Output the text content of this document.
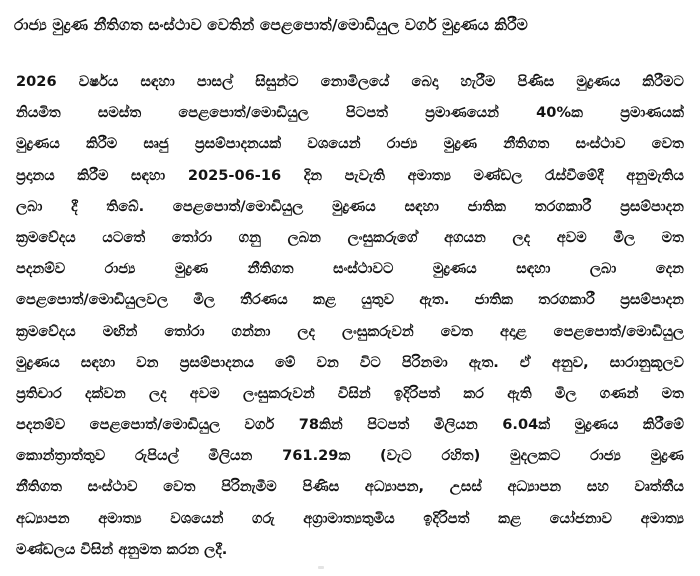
රාජ්‍ය මුද්‍රණ නීතිගත සංස්ථාව වෙතින් පෙළපොත්/මොඩියුල වර්ග මුද්‍රණය කිරීම
2026 වර්ෂය සඳහා පාසල් සිසුන්ට නොමිලයේ බෙදා හැරීම පිණිස මුද්‍රණය කිරීමට
නියමිත සමස්ත පෙළපොත්/මොඩියුල පිටපත් ප්‍රමාණයෙන් 40%ක ප්‍රමාණයක්
මුද්‍රණය කිරීම සෘජු ප්‍රසම්පාදනයක් වශයෙන් රාජ්‍ය මුද්‍රණ නීතිගත සංස්ථාව වෙත
ප්‍රදානය කිරීම සඳහා 2025-06-16 දින පැවැති අමාත්‍ය මණ්ඩල රැස්වීමේදී අනුමැතිය
ලබා දී තිබේ. පෙළපොත්/මොඩියුල මුද්‍රණය සඳහා ජාතික තරගකාරී ප්‍රසම්පාදන
ක්‍රමවේදය යටතේ තෝරා ගනු ලබන ලංසුකරුගේ අගයන ලද අවම මිල මත
පදනම්ව රාජ්‍ය මුද්‍රණ නීතිගත සංස්ථාවට මුද්‍රණය සඳහා ලබා දෙන
පෙළපොත්/මොඩියුලවල මිල තීරණය කළ යුතුව ඇත. ජාතික තරගකාරී ප්‍රසම්පාදන
ක්‍රමවේදය මඟින් තෝරා ගන්නා ලද ලංසුකරුවන් වෙත අදාළ පෙළපොත්/මොඩියුල
මුද්‍රණය සඳහා වන ප්‍රසම්පාදනය මේ වන විට පිරිනමා ඇත. ඒ අනුව, සාරානුකූලව
ප්‍රතිචාර දක්වන ලද අවම ලංසුකරුවන් විසින් ඉදිරිපත් කර ඇති මිල ගණන් මත
පදනම්ව පෙළපොත්/මොඩියුල වර්ග 78කින් පිටපත් මිලියන 6.04ක් මුද්‍රණය කිරීමේ
කොන්ත්‍රාත්තුව රුපියල් මිලියන 761.29ක (වැට රහිත) මුදලකට රාජ්‍ය මුද්‍රණ
නීතිගත සංස්ථාව වෙත පිරිනැමීම පිණිස අධ්‍යාපන, උසස් අධ්‍යාපන සහ වෘත්තීය
අධ්‍යාපන අමාත්‍ය වශයෙන් ගරු අග්‍රාමාත්‍යතුමිය ඉදිරිපත් කළ යෝජනාව අමාත්‍ය
මණ්ඩලය විසින් අනුමත කරන ලදී.
